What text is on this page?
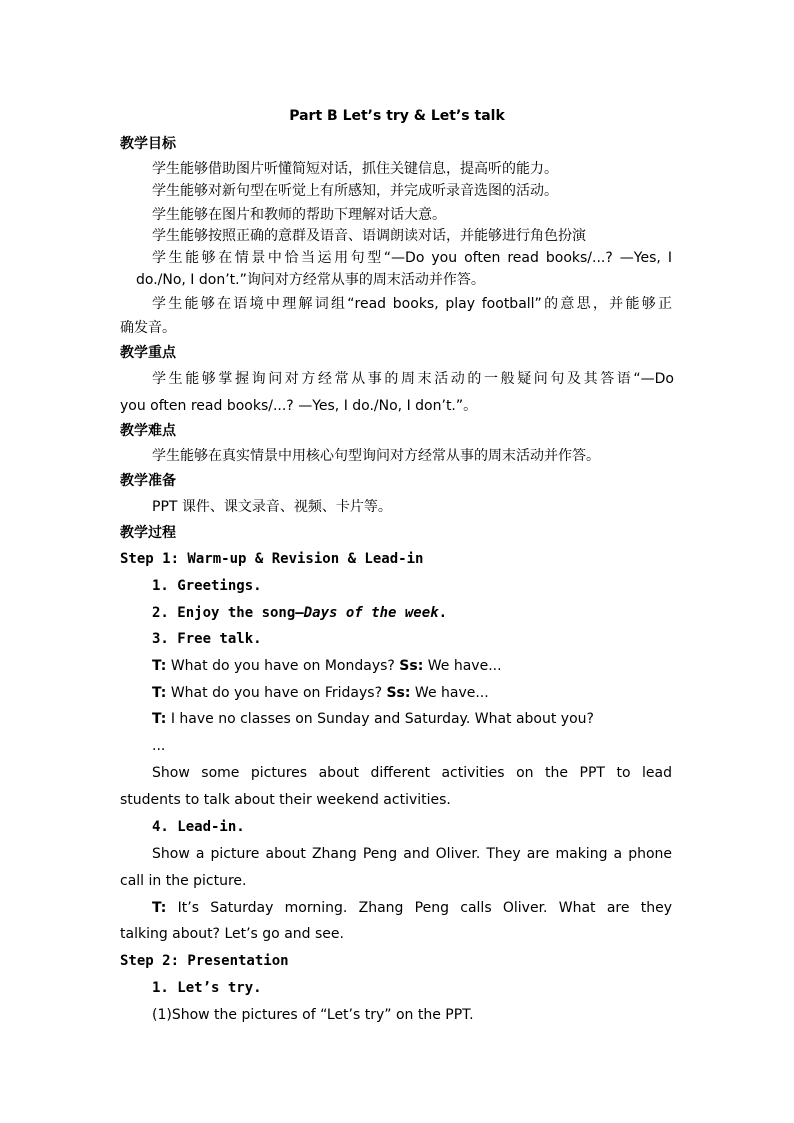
Part B Let’s try & Let’s talk
教学目标
学生能够借助图片听懂简短对话，抓住关键信息，提高听的能力。
学生能够对新句型在听觉上有所感知，并完成听录音选图的活动。
学生能够在图片和教师的帮助下理解对话大意。
学生能够按照正确的意群及语音、语调朗读对话，并能够进行角色扮演
学生能够在情景中恰当运用句型“—Do you often read books/...? —Yes, I
do./No, I don’t.”询问对方经常从事的周末活动并作答。
学生能够在语境中理解词组“read books, play football”的意思，并能够正
确发音。
教学重点
学生能够掌握询问对方经常从事的周末活动的一般疑问句及其答语“—Do
you often read books/...? —Yes, I do./No, I don’t.”。
教学难点
学生能够在真实情景中用核心句型询问对方经常从事的周末活动并作答。
教学准备
PPT 课件、课文录音、视频、卡片等。
教学过程
Step 1: Warm-up & Revision & Lead-in
1. Greetings.
2. Enjoy the song—Days of the week.
3. Free talk.
T: What do you have on Mondays? Ss: We have...
T: What do you have on Fridays? Ss: We have...
T: I have no classes on Sunday and Saturday. What about you?
...
Show some pictures about different activities on the PPT to lead
students to talk about their weekend activities.
4. Lead-in.
Show a picture about Zhang Peng and Oliver. They are making a phone
call in the picture.
T: It’s Saturday morning. Zhang Peng calls Oliver. What are they
talking about? Let’s go and see.
Step 2: Presentation
1. Let’s try.
(1)Show the pictures of “Let’s try” on the PPT.
